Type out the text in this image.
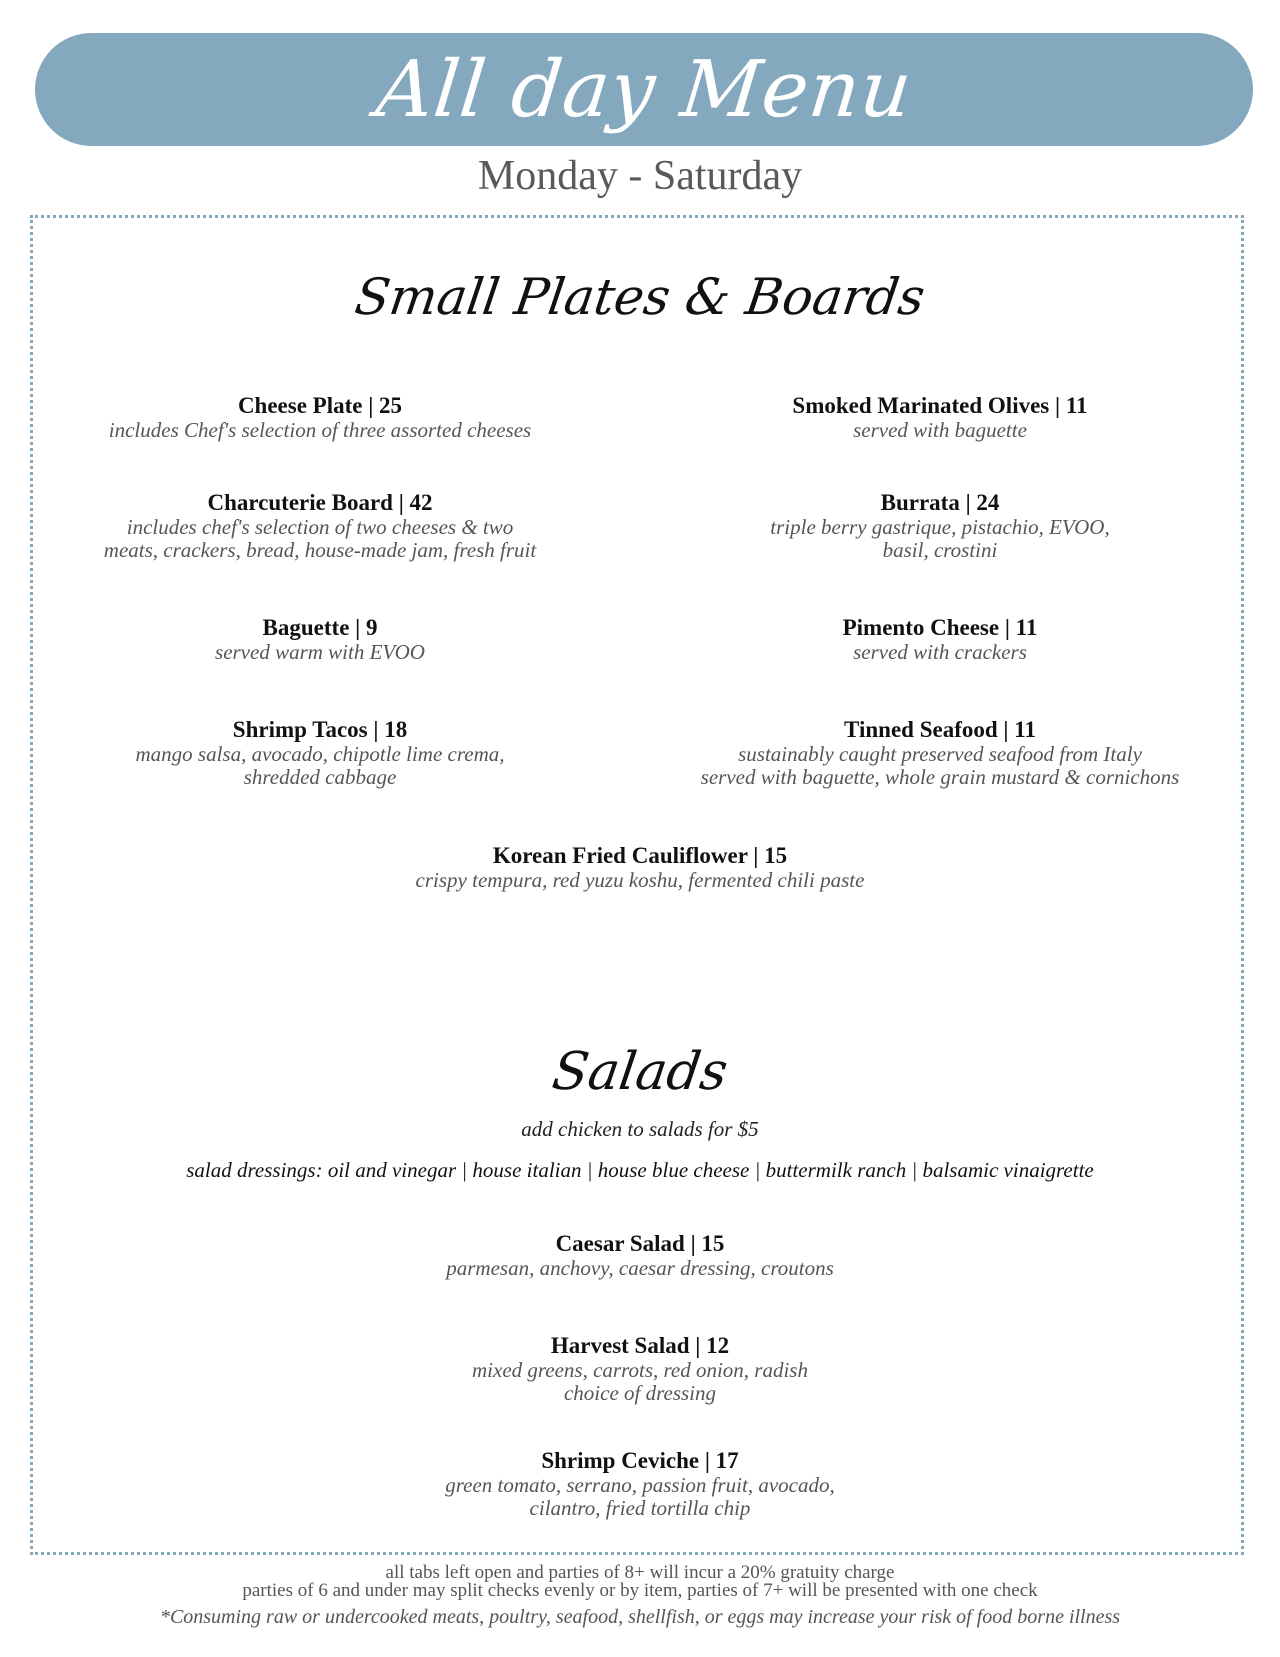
All day Menu
Monday - Saturday
Small Plates & Boards
Cheese Plate | 25
includes Chef's selection of three assorted cheeses
Smoked Marinated Olives | 11
served with baguette
Charcuterie Board | 42
includes chef's selection of two cheeses & two
meats, crackers, bread, house-made jam, fresh fruit
Burrata | 24
triple berry gastrique, pistachio, EVOO,
basil, crostini
Baguette | 9
served warm with EVOO
Pimento Cheese | 11
served with crackers
Shrimp Tacos | 18
mango salsa, avocado, chipotle lime crema,
shredded cabbage
Tinned Seafood | 11
sustainably caught preserved seafood from Italy
served with baguette, whole grain mustard & cornichons
Korean Fried Cauliflower | 15
crispy tempura, red yuzu koshu, fermented chili paste
Salads
add chicken to salads for $5
salad dressings: oil and vinegar | house italian | house blue cheese | buttermilk ranch | balsamic vinaigrette
Caesar Salad | 15
parmesan, anchovy, caesar dressing, croutons
Harvest Salad | 12
mixed greens, carrots, red onion, radish
choice of dressing
Shrimp Ceviche | 17
green tomato, serrano, passion fruit, avocado,
cilantro, fried tortilla chip
all tabs left open and parties of 8+ will incur a 20% gratuity charge
parties of 6 and under may split checks evenly or by item, parties of 7+ will be presented with one check
*Consuming raw or undercooked meats, poultry, seafood, shellfish, or eggs may increase your risk of food borne illness
